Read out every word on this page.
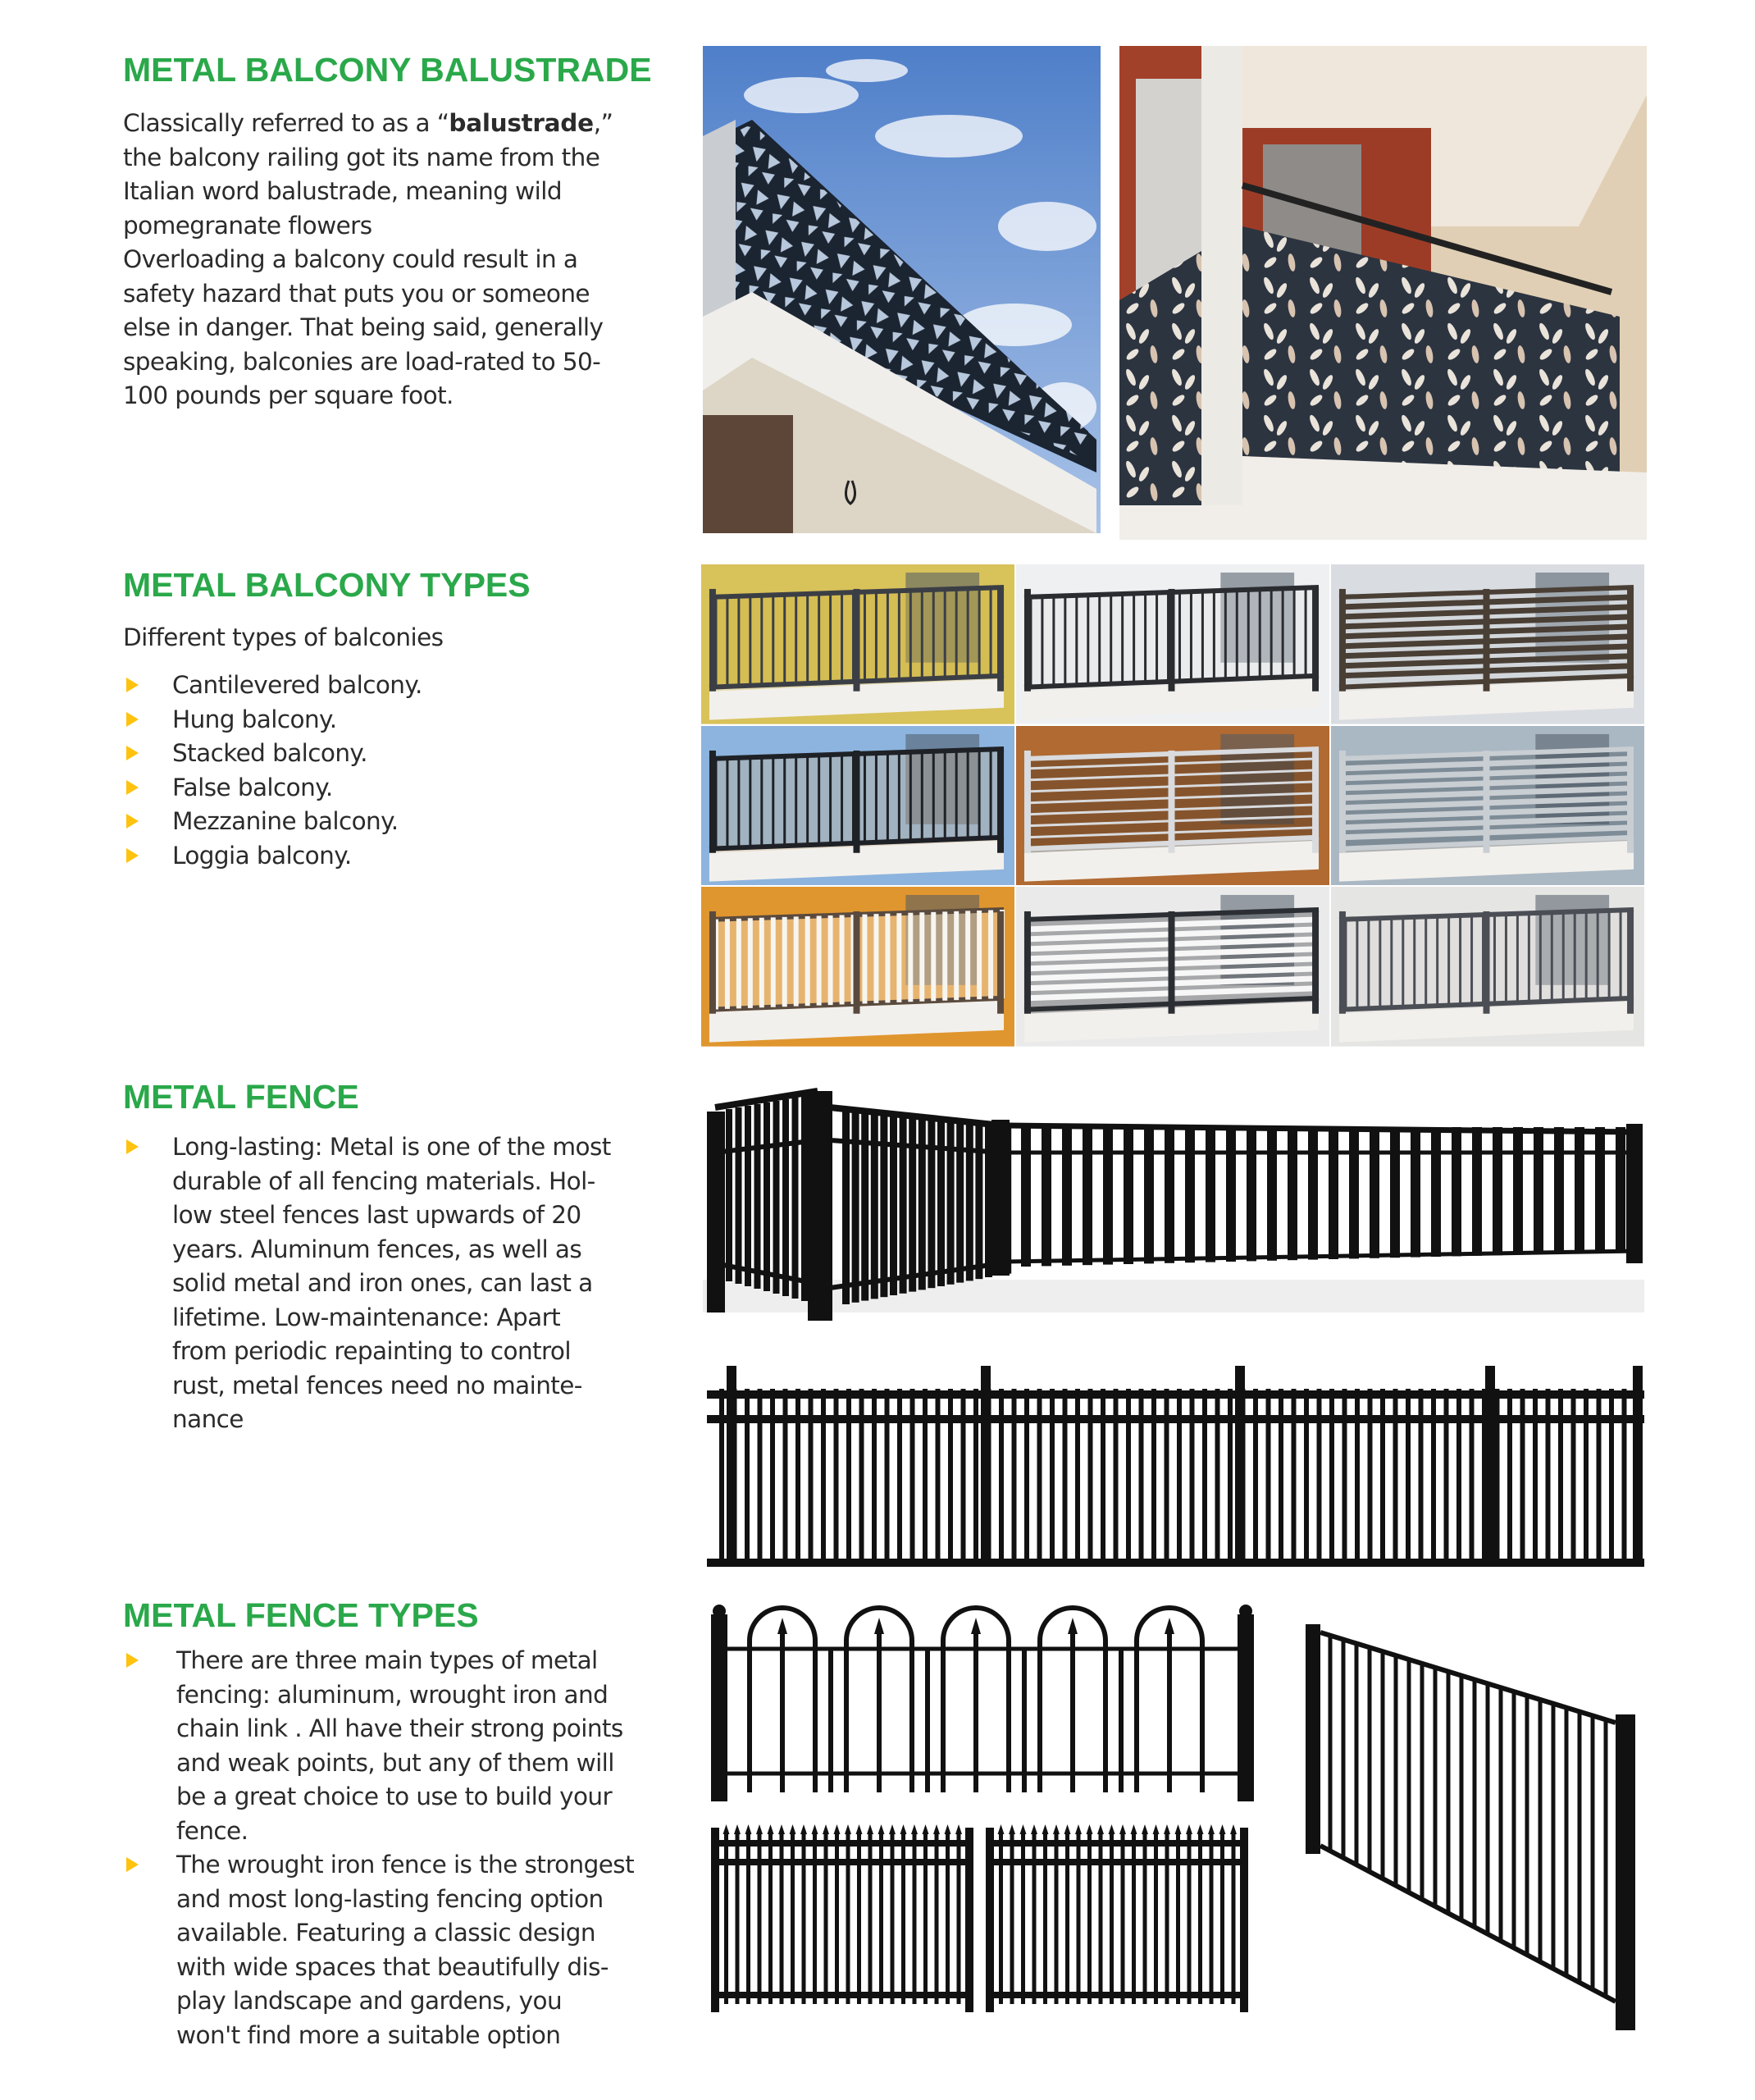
METAL BALCONY BALUSTRADE
Classically referred to as a “balustrade,”
the balcony railing got its name from the
Italian word balustrade, meaning wild
pomegranate flowers
Overloading a balcony could result in a
safety hazard that puts you or someone
else in danger. That being said, generally
speaking, balconies are load-rated to 50-
100 pounds per square foot.
METAL BALCONY TYPES
Different types of balconies
Cantilevered balcony.
Hung balcony.
Stacked balcony.
False balcony.
Mezzanine balcony.
Loggia balcony.
METAL FENCE
Long-lasting: Metal is one of the most
durable of all fencing materials. Hol-
low steel fences last upwards of 20
years. Aluminum fences, as well as
solid metal and iron ones, can last a
lifetime. Low-maintenance: Apart
from periodic repainting to control
rust, metal fences need no mainte-
nance
METAL FENCE TYPES
There are three main types of metal
fencing: aluminum, wrought iron and
chain link . All have their strong points
and weak points, but any of them will
be a great choice to use to build your
fence.
The wrought iron fence is the strongest
and most long-lasting fencing option
available. Featuring a classic design
with wide spaces that beautifully dis-
play landscape and gardens, you
won't find more a suitable option
